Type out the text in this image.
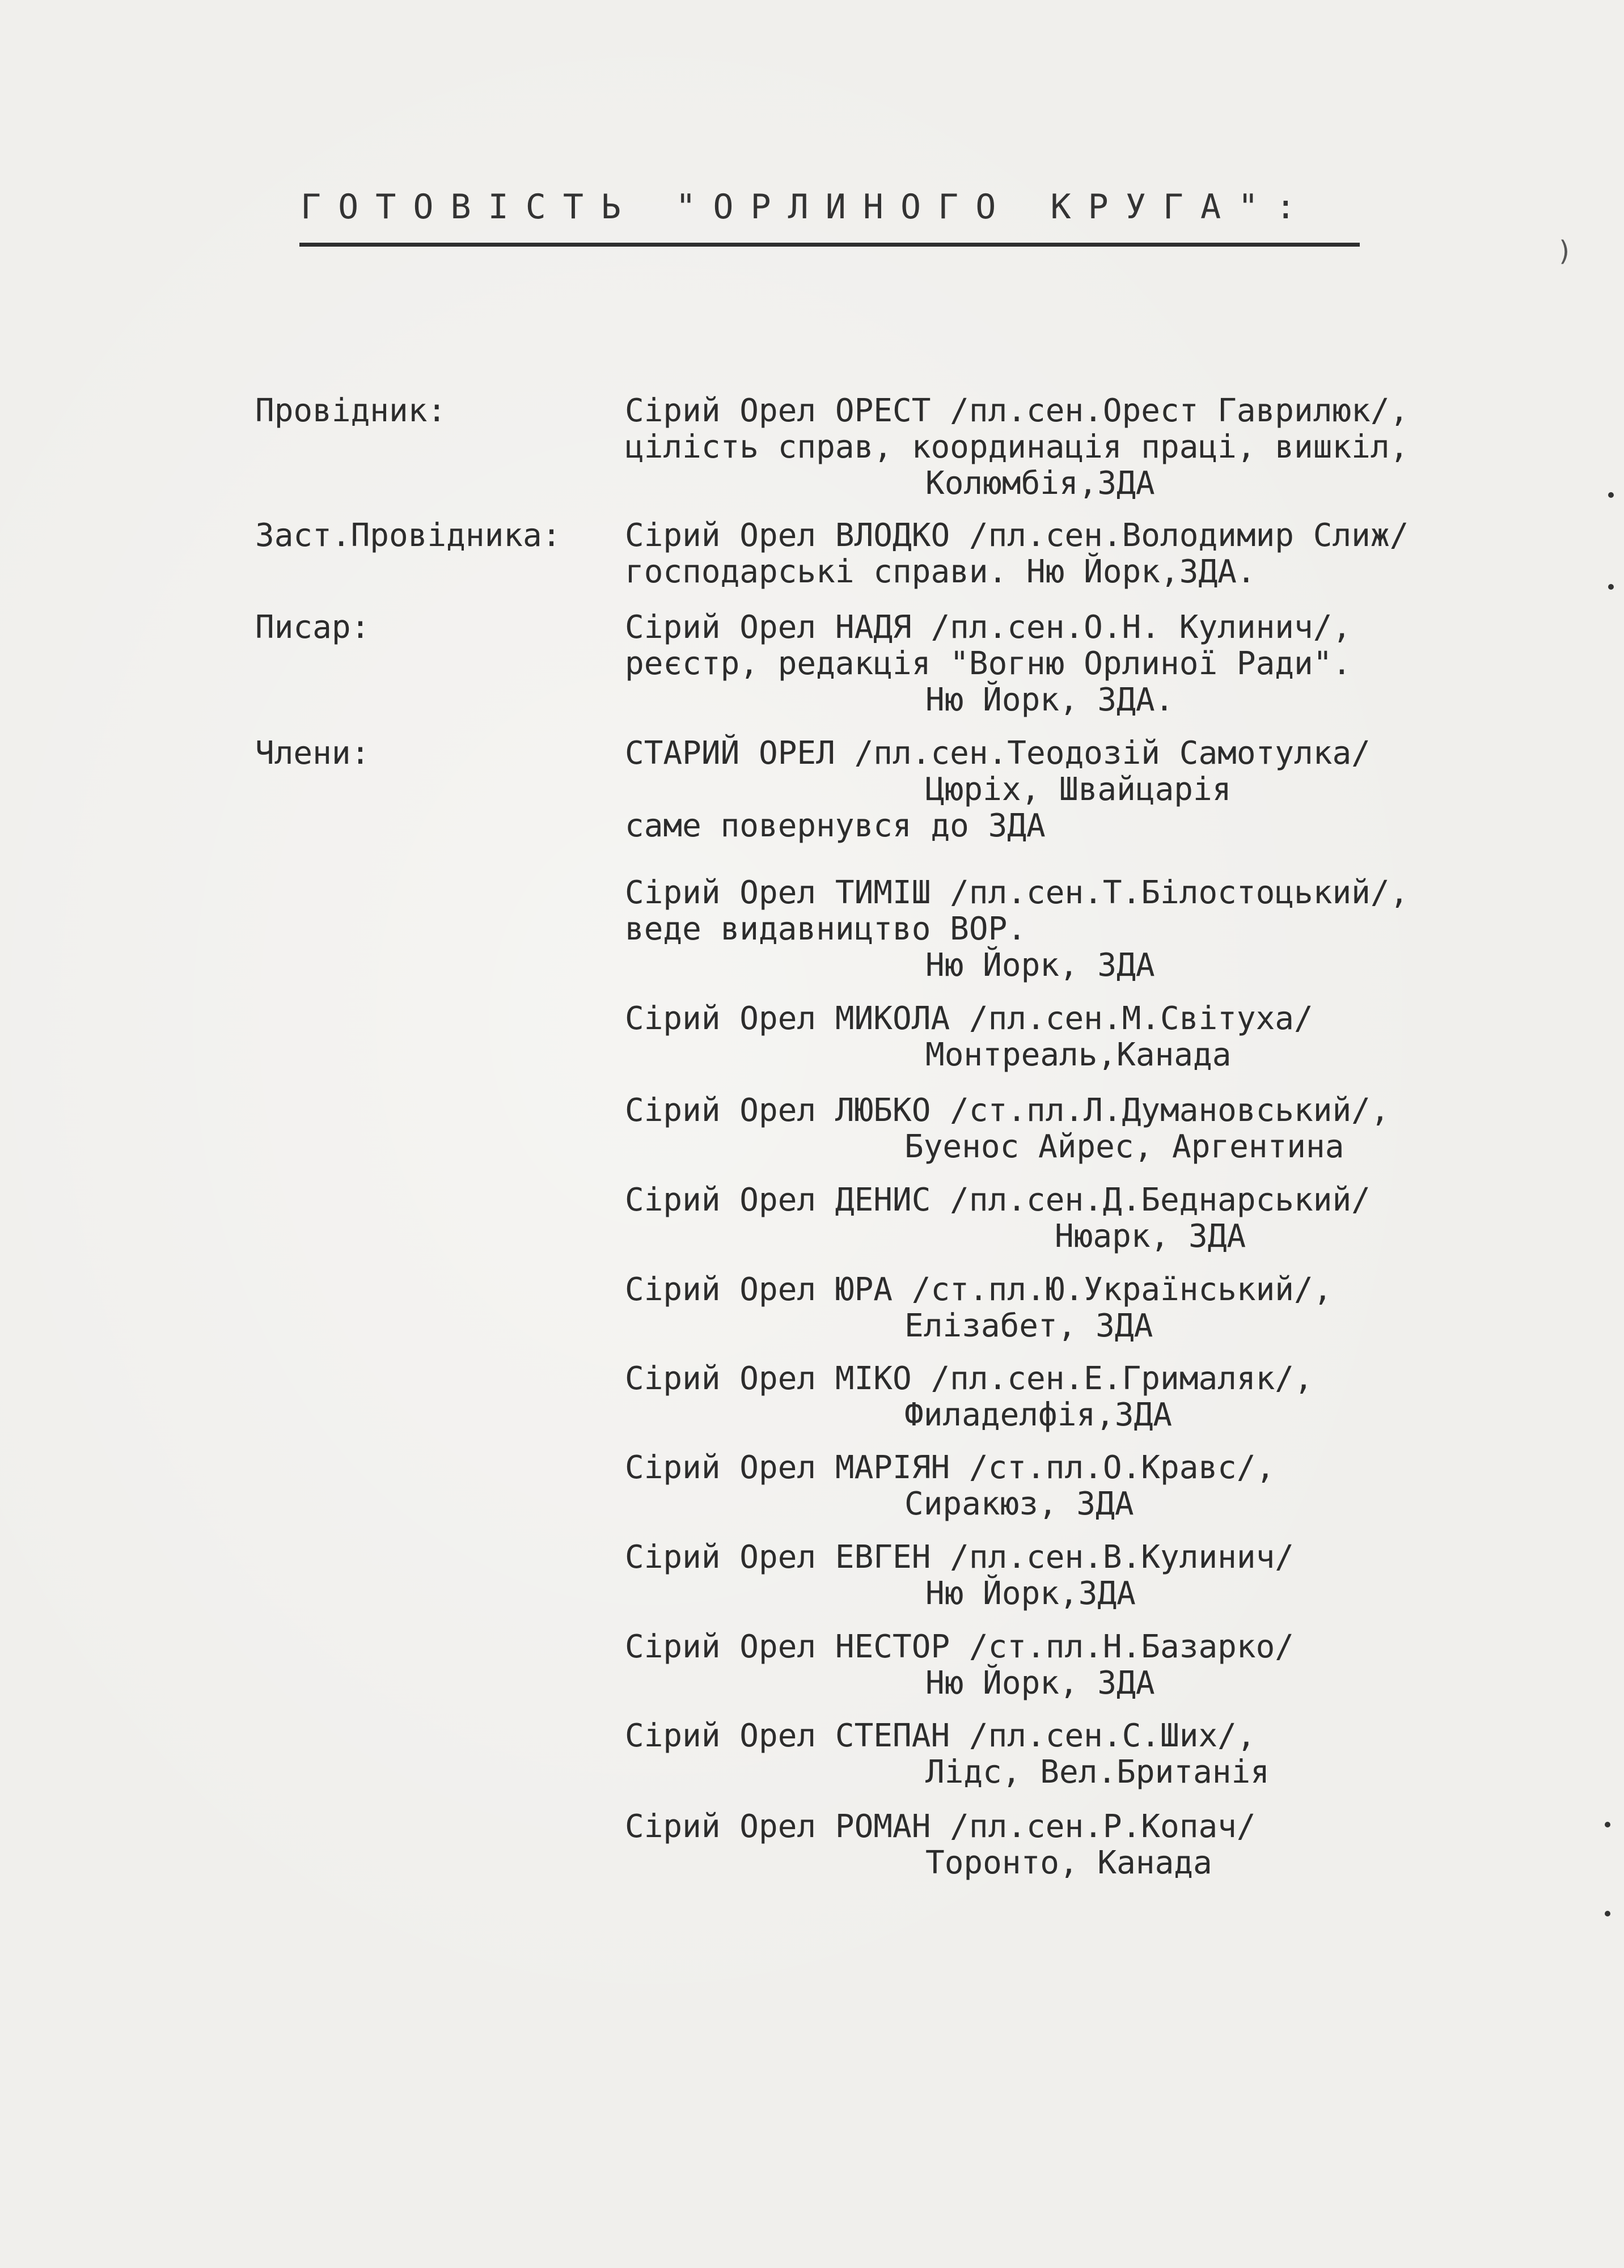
ГОТОВІСТЬ "ОРЛИНОГО КРУГА":
)
Провідник:	Сірий Орел ОРЕСТ /пл.сен.Орест Гаврилюк/,
цілість справ, координація праці, вишкіл,
Колюмбія,ЗДА
Заст.Провідника: Сірий Орел ВЛОДКО /пл.сен.Володимир Слиж/
господарські справи. Ню Йорк,ЗДА.
Писар:	Сірий Орел НАДЯ /пл.сен.О.Н. Кулинич/,
реєстр, редакція "Вогню Орлиної Ради".
Ню Йорк, ЗДА.
Члени:	СТАРИЙ ОРЕЛ /пл.сен.Теодозій Самотулка/
Цюріх, Швайцарія
саме повернувся до ЗДА
Сірий Орел ТИМІШ /пл.сен.Т.Білостоцький/,
веде видавництво ВОР.
Ню Йорк, ЗДА
Сірий Орел МИКОЛА /пл.сен.М.Світуха/
Монтреаль,Канада
Сірий Орел ЛЮБКО /ст.пл.Л.Думановський/,
Буенос Айрес, Аргентина
Сірий Орел ДЕНИС /пл.сен.Д.Беднарський/
Нюарк, ЗДА
Сірий Орел ЮРА /ст.пл.Ю.Український/,
Елізабет, ЗДА
Сірий Орел МІКО /пл.сен.Е.Грималяк/,
Филаделфія,ЗДА
Сірий Орел МАРІЯН /ст.пл.О.Кравс/,
Сиракюз, ЗДА
Сірий Орел ЕВГЕН /пл.сен.В.Кулинич/
Ню Йорк,ЗДА
Сірий Орел НЕСТОР /ст.пл.Н.Базарко/
Ню Йорк, ЗДА
Сірий Орел СТЕПАН /пл.сен.С.Ших/,
Лідс, Вел.Британія
Сірий Орел РОМАН /пл.сен.Р.Копач/
Торонто, Канада
